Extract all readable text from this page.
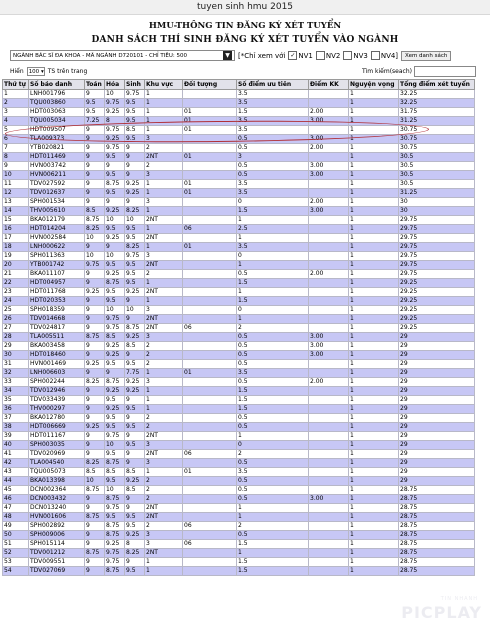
tuyen sinh hmu 2015
HMU-THÔNG TIN ĐĂNG KÝ XÉT TUYỂN
DANH SÁCH THÍ SINH ĐĂNG KÝ XÉT TUYỂN VÀO NGÀNH
NGÀNH BÁC SĨ ĐA KHOA - MÃ NGÀNH D720101 - CHỈ TIÊU: 500	▼	[*Chỉ xem với ✓ NV1 NV2 NV3 NV4]	Xem danh sách
Hiển 100 ▾ TS trên trang	Tìm kiếm(seach)
Thứ tự	Số báo danh	Toán	Hóa	Sinh	Khu vực	Đối tượng	Số điểm ưu tiên	Điểm KK	Nguyện vọng	Tổng điểm xét tuyển
1	LNH001796	9	10	9.75	1		3.5		1	32.25
2	TQU003860	9.5	9.75	9.5	1		3.5		1	32.25
3	HDT003063	9.5	9.25	9.5	1	01	1.5	2.00	1	31.75
4	TQU005034	7.25	8	9.5	1	01	3.5	3.00	1	31.25
5	HDT009507	9	9.75	8.5	1	01	3.5		1	30.75
6	TLA009373	9	9.25	9.5	3		0.5	3.00	1	30.75
7	YTB020821	9	9.75	9	2		0.5	2.00	1	30.75
8	HDT011469	9	9.5	9	2NT	01	3		1	30.5
9	HVN003742	9	9	9	2		0.5	3.00	1	30.5
10	HVN006211	9	9.5	9	3		0.5	3.00	1	30.5
11	TDV027592	9	8.75	9.25	1	01	3.5		1	30.5
12	TDV012637	9	9.5	9.25	1	01	3.5		1	31.25
13	SPH001534	9	9	9	3		0	2.00	1	30
14	THV005610	8.5	9.25	8.25	1		1.5	3.00	1	30
15	BKA012179	8.75	10	10	2NT		1		1	29.75
16	HDT014204	8.25	9.5	9.5	1	06	2.5		1	29.75
17	HVN002584	10	9.25	9.5	2NT		1		1	29.75
18	LNH000622	9	9	8.25	1	01	3.5		1	29.75
19	SPH011363	10	10	9.75	3		0		1	29.75
20	YTB001742	9.75	9.5	9.5	2NT		1		1	29.75
21	BKA011107	9	9.25	9.5	2		0.5	2.00	1	29.75
22	HDT004957	9	8.75	9.5	1		1.5		1	29.25
23	HDT011768	9.25	9.5	9.25	2NT		1		1	29.25
24	HDT020353	9	9.5	9	1		1.5		1	29.25
25	SPH018359	9	10	10	3		0		1	29.25
26	TDV014668	9	9.75	9	2NT		1		1	29.25
27	TDV024817	9	9.75	8.75	2NT	06	2		1	29.25
28	TLA005511	8.75	8.5	9.25	3		0.5	3.00	1	29
29	BKA003458	9	9.25	8.5	2		0.5	3.00	1	29
30	HDT018460	9	9.25	9	2		0.5	3.00	1	29
31	HVN001469	9.25	9.5	9.5	2		0.5		1	29
32	LNH006603	9	9	7.75	1	01	3.5		1	29
33	SPH002244	8.25	8.75	9.25	3		0.5	2.00	1	29
34	TDV012946	9	9.25	9.25	1		1.5		1	29
35	TDV033439	9	9.5	9	1		1.5		1	29
36	THV000297	9	9.25	9.5	1		1.5		1	29
37	BKA012780	9	9.5	9	2		0.5		1	29
38	HDT006669	9.25	9.5	9.5	2		0.5		1	29
39	HDT011167	9	9.75	9	2NT		1		1	29
40	SPH003035	9	10	9.5	3		0		1	29
41	TDV020969	9	9.5	9	2NT	06	2		1	29
42	TLA004540	8.25	8.75	9	3		0.5		1	29
43	TQU005073	8.5	8.5	8.5	1	01	3.5		1	29
44	BKA013398	10	9.5	9.25	2		0.5		1	29
45	DCN002364	8.75	10	8.5	2		0.5		1	28.75
46	DCN003432	9	8.75	9	2		0.5	3.00	1	28.75
47	DCN013240	9	9.75	9	2NT		1		1	28.75
48	HVN001606	8.75	9.5	9.5	2NT		1		1	28.75
49	SPH002892	9	8.75	9.5	2	06	2		1	28.75
50	SPH009006	9	8.75	9.25	3		0.5		1	28.75
51	SPH015114	9	9.25	8	3	06	1.5		1	28.75
52	TDV001212	8.75	9.75	8.25	2NT		1		1	28.75
53	TDV009551	9	9.75	9	1		1.5		1	28.75
54	TDV027069	9	8.75	9.5	1		1.5		1	28.75
TIN NHANH
PICPLAY
